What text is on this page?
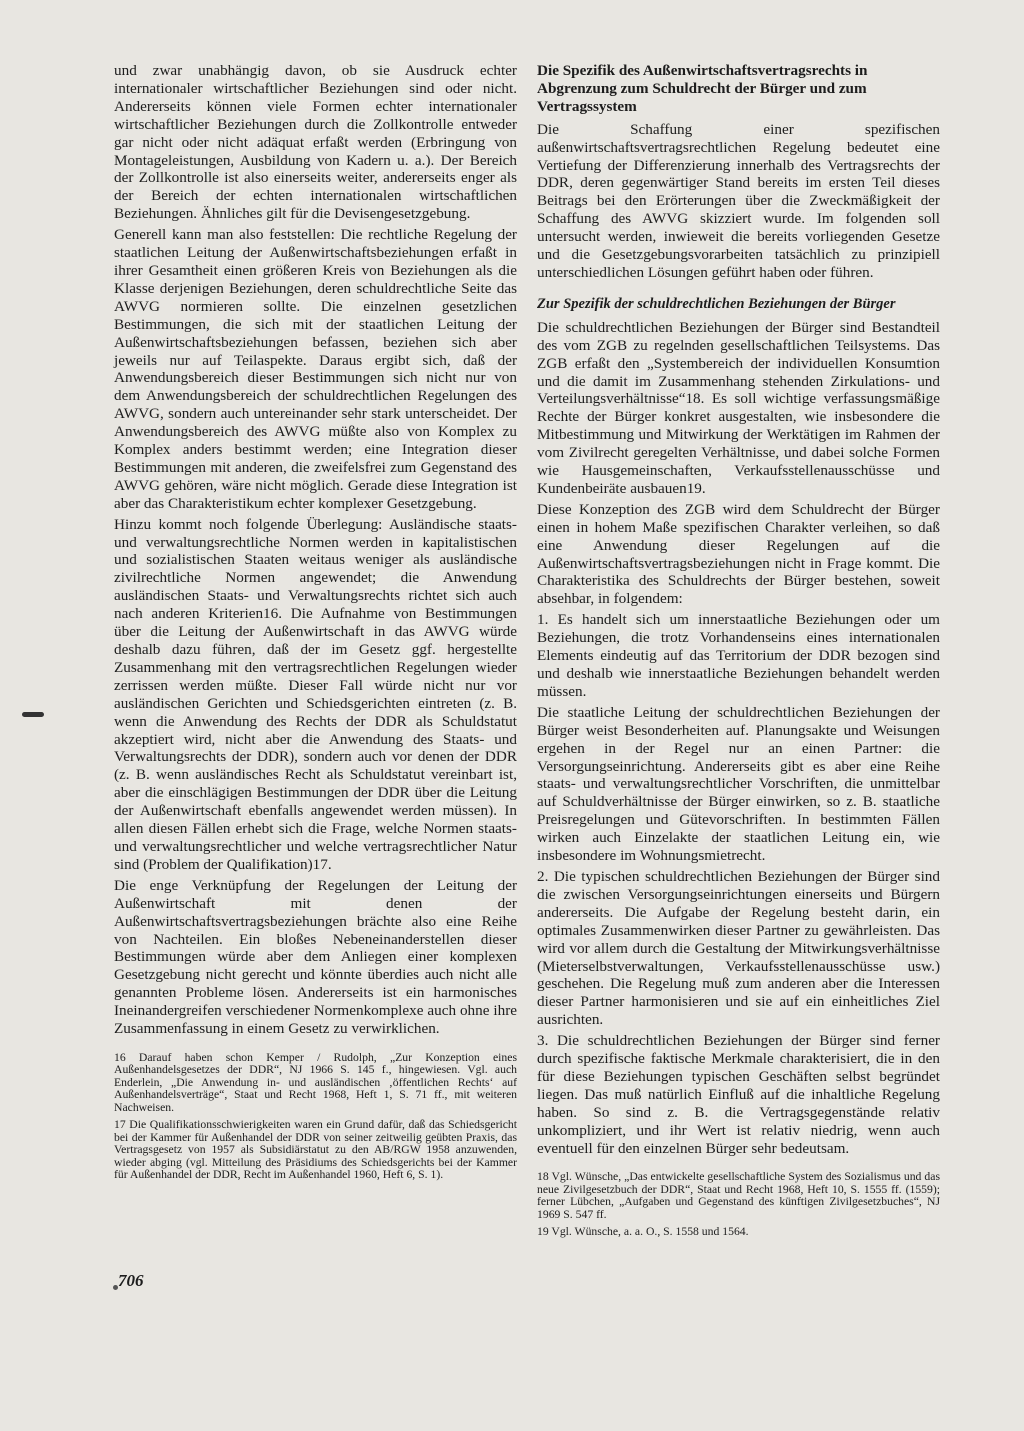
und zwar unabhängig davon, ob sie Ausdruck echter internationaler wirtschaftlicher Beziehungen sind oder nicht. Andererseits können viele Formen echter internationaler wirtschaftlicher Beziehungen durch die Zollkontrolle entweder gar nicht oder nicht adäquat erfaßt werden (Erbringung von Montageleistungen, Ausbildung von Kadern u. a.). Der Bereich der Zollkontrolle ist also einerseits weiter, andererseits enger als der Bereich der echten internationalen wirtschaftlichen Beziehungen. Ähnliches gilt für die Devisengesetzgebung.

Generell kann man also feststellen: Die rechtliche Regelung der staatlichen Leitung der Außenwirtschaftsbeziehungen erfaßt in ihrer Gesamtheit einen größeren Kreis von Beziehungen als die Klasse derjenigen Beziehungen, deren schuldrechtliche Seite das AWVG normieren sollte. Die einzelnen gesetzlichen Bestimmungen, die sich mit der staatlichen Leitung der Außenwirtschaftsbeziehungen befassen, beziehen sich aber jeweils nur auf Teilaspekte. Daraus ergibt sich, daß der Anwendungsbereich dieser Bestimmungen sich nicht nur von dem Anwendungsbereich der schuldrechtlichen Regelungen des AWVG, sondern auch untereinander sehr stark unterscheidet. Der Anwendungsbereich des AWVG müßte also von Komplex zu Komplex anders bestimmt werden; eine Integration dieser Bestimmungen mit anderen, die zweifelsfrei zum Gegenstand des AWVG gehören, wäre nicht möglich. Gerade diese Integration ist aber das Charakteristikum echter komplexer Gesetzgebung.

Hinzu kommt noch folgende Überlegung: Ausländische staats- und verwaltungsrechtliche Normen werden in kapitalistischen und sozialistischen Staaten weitaus weniger als ausländische zivilrechtliche Normen angewendet; die Anwendung ausländischen Staats- und Verwaltungsrechts richtet sich auch nach anderen Kriterien16. Die Aufnahme von Bestimmungen über die Leitung der Außenwirtschaft in das AWVG würde deshalb dazu führen, daß der im Gesetz ggf. hergestellte Zusammenhang mit den vertragsrechtlichen Regelungen wieder zerrissen werden müßte. Dieser Fall würde nicht nur vor ausländischen Gerichten und Schiedsgerichten eintreten (z. B. wenn die Anwendung des Rechts der DDR als Schuldstatut akzeptiert wird, nicht aber die Anwendung des Staats- und Verwaltungsrechts der DDR), sondern auch vor denen der DDR (z. B. wenn ausländisches Recht als Schuldstatut vereinbart ist, aber die einschlägigen Bestimmungen der DDR über die Leitung der Außenwirtschaft ebenfalls angewendet werden müssen). In allen diesen Fällen erhebt sich die Frage, welche Normen staats- und verwaltungsrechtlicher und welche vertragsrechtlicher Natur sind (Problem der Qualifikation)17.

Die enge Verknüpfung der Regelungen der Leitung der Außenwirtschaft mit denen der Außenwirtschaftsvertragsbeziehungen brächte also eine Reihe von Nachteilen. Ein bloßes Nebeneinanderstellen dieser Bestimmungen würde aber dem Anliegen einer komplexen Gesetzgebung nicht gerecht und könnte überdies auch nicht alle genannten Probleme lösen. Andererseits ist ein harmonisches Ineinandergreifen verschiedener Normenkomplexe auch ohne ihre Zusammenfassung in einem Gesetz zu verwirklichen.

16 Darauf haben schon Kemper / Rudolph, „Zur Konzeption eines Außenhandelsgesetzes der DDR“, NJ 1966 S. 145 f., hingewiesen. Vgl. auch Enderlein, „Die Anwendung in- und ausländischen ‚öffentlichen Rechts‘ auf Außenhandelsverträge“, Staat und Recht 1968, Heft 1, S. 71 ff., mit weiteren Nachweisen.

17 Die Qualifikationsschwierigkeiten waren ein Grund dafür, daß das Schiedsgericht bei der Kammer für Außenhandel der DDR von seiner zeitweilig geübten Praxis, das Vertragsgesetz von 1957 als Subsidiärstatut zu den AB/RGW 1958 anzuwenden, wieder abging (vgl. Mitteilung des Präsidiums des Schiedsgerichts bei der Kammer für Außenhandel der DDR, Recht im Außenhandel 1960, Heft 6, S. 1).

Die Spezifik des Außenwirtschaftsvertragsrechts in Abgrenzung zum Schuldrecht der Bürger und zum Vertragssystem

Die Schaffung einer spezifischen außenwirtschaftsvertragsrechtlichen Regelung bedeutet eine Vertiefung der Differenzierung innerhalb des Vertragsrechts der DDR, deren gegenwärtiger Stand bereits im ersten Teil dieses Beitrags bei den Erörterungen über die Zweckmäßigkeit der Schaffung des AWVG skizziert wurde. Im folgenden soll untersucht werden, inwieweit die bereits vorliegenden Gesetze und die Gesetzgebungsvorarbeiten tatsächlich zu prinzipiell unterschiedlichen Lösungen geführt haben oder führen.

Zur Spezifik der schuldrechtlichen Beziehungen der Bürger

Die schuldrechtlichen Beziehungen der Bürger sind Bestandteil des vom ZGB zu regelnden gesellschaftlichen Teilsystems. Das ZGB erfaßt den „Systembereich der individuellen Konsumtion und die damit im Zusammenhang stehenden Zirkulations- und Verteilungsverhältnisse“18. Es soll wichtige verfassungsmäßige Rechte der Bürger konkret ausgestalten, wie insbesondere die Mitbestimmung und Mitwirkung der Werktätigen im Rahmen der vom Zivilrecht geregelten Verhältnisse, und dabei solche Formen wie Hausgemeinschaften, Verkaufsstellenausschüsse und Kundenbeiräte ausbauen19.

Diese Konzeption des ZGB wird dem Schuldrecht der Bürger einen in hohem Maße spezifischen Charakter verleihen, so daß eine Anwendung dieser Regelungen auf die Außenwirtschaftsvertragsbeziehungen nicht in Frage kommt. Die Charakteristika des Schuldrechts der Bürger bestehen, soweit absehbar, in folgendem:

1. Es handelt sich um innerstaatliche Beziehungen oder um Beziehungen, die trotz Vorhandenseins eines internationalen Elements eindeutig auf das Territorium der DDR bezogen sind und deshalb wie innerstaatliche Beziehungen behandelt werden müssen.

Die staatliche Leitung der schuldrechtlichen Beziehungen der Bürger weist Besonderheiten auf. Planungsakte und Weisungen ergehen in der Regel nur an einen Partner: die Versorgungseinrichtung. Andererseits gibt es aber eine Reihe staats- und verwaltungsrechtlicher Vorschriften, die unmittelbar auf Schuldverhältnisse der Bürger einwirken, so z. B. staatliche Preisregelungen und Gütevorschriften. In bestimmten Fällen wirken auch Einzelakte der staatlichen Leitung ein, wie insbesondere im Wohnungsmietrecht.

2. Die typischen schuldrechtlichen Beziehungen der Bürger sind die zwischen Versorgungseinrichtungen einerseits und Bürgern andererseits. Die Aufgabe der Regelung besteht darin, ein optimales Zusammenwirken dieser Partner zu gewährleisten. Das wird vor allem durch die Gestaltung der Mitwirkungsverhältnisse (Mieterselbstverwaltungen, Verkaufsstellenausschüsse usw.) geschehen. Die Regelung muß zum anderen aber die Interessen dieser Partner harmonisieren und sie auf ein einheitliches Ziel ausrichten.

3. Die schuldrechtlichen Beziehungen der Bürger sind ferner durch spezifische faktische Merkmale charakterisiert, die in den für diese Beziehungen typischen Geschäften selbst begründet liegen. Das muß natürlich Einfluß auf die inhaltliche Regelung haben. So sind z. B. die Vertragsgegenstände relativ unkompliziert, und ihr Wert ist relativ niedrig, wenn auch eventuell für den einzelnen Bürger sehr bedeutsam.

18 Vgl. Wünsche, „Das entwickelte gesellschaftliche System des Sozialismus und das neue Zivilgesetzbuch der DDR“, Staat und Recht 1968, Heft 10, S. 1555 ff. (1559); ferner Lübchen, „Aufgaben und Gegenstand des künftigen Zivilgesetzbuches“, NJ 1969 S. 547 ff.

19 Vgl. Wünsche, a. a. O., S. 1558 und 1564.

706
